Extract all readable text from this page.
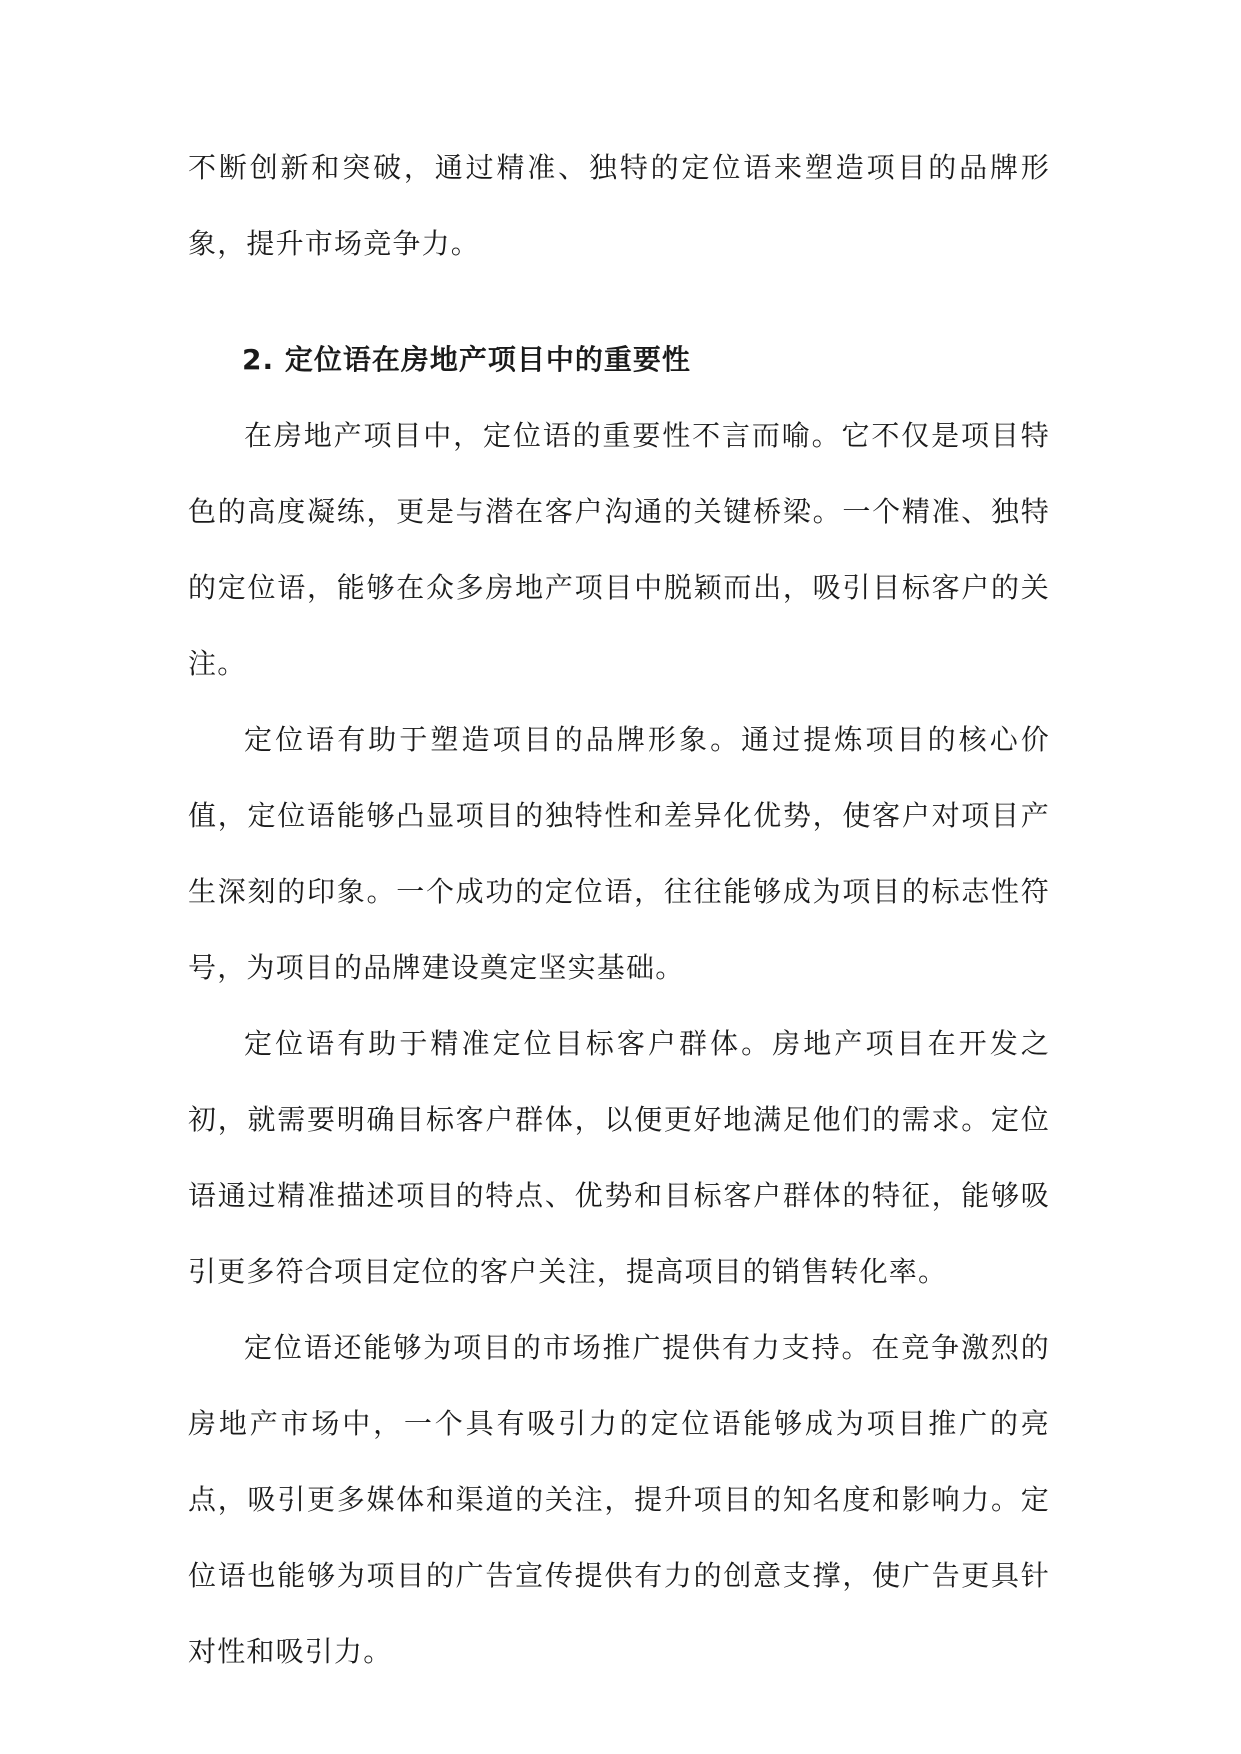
不断创新和突破，通过精准、独特的定位语来塑造项目的品牌形象，提升市场竞争力。

2. 定位语在房地产项目中的重要性

在房地产项目中，定位语的重要性不言而喻。它不仅是项目特色的高度凝练，更是与潜在客户沟通的关键桥梁。一个精准、独特的定位语，能够在众多房地产项目中脱颖而出，吸引目标客户的关注。

定位语有助于塑造项目的品牌形象。通过提炼项目的核心价值，定位语能够凸显项目的独特性和差异化优势，使客户对项目产生深刻的印象。一个成功的定位语，往往能够成为项目的标志性符号，为项目的品牌建设奠定坚实基础。

定位语有助于精准定位目标客户群体。房地产项目在开发之初，就需要明确目标客户群体，以便更好地满足他们的需求。定位语通过精准描述项目的特点、优势和目标客户群体的特征，能够吸引更多符合项目定位的客户关注，提高项目的销售转化率。

定位语还能够为项目的市场推广提供有力支持。在竞争激烈的房地产市场中，一个具有吸引力的定位语能够成为项目推广的亮点，吸引更多媒体和渠道的关注，提升项目的知名度和影响力。定位语也能够为项目的广告宣传提供有力的创意支撑，使广告更具针对性和吸引力。
